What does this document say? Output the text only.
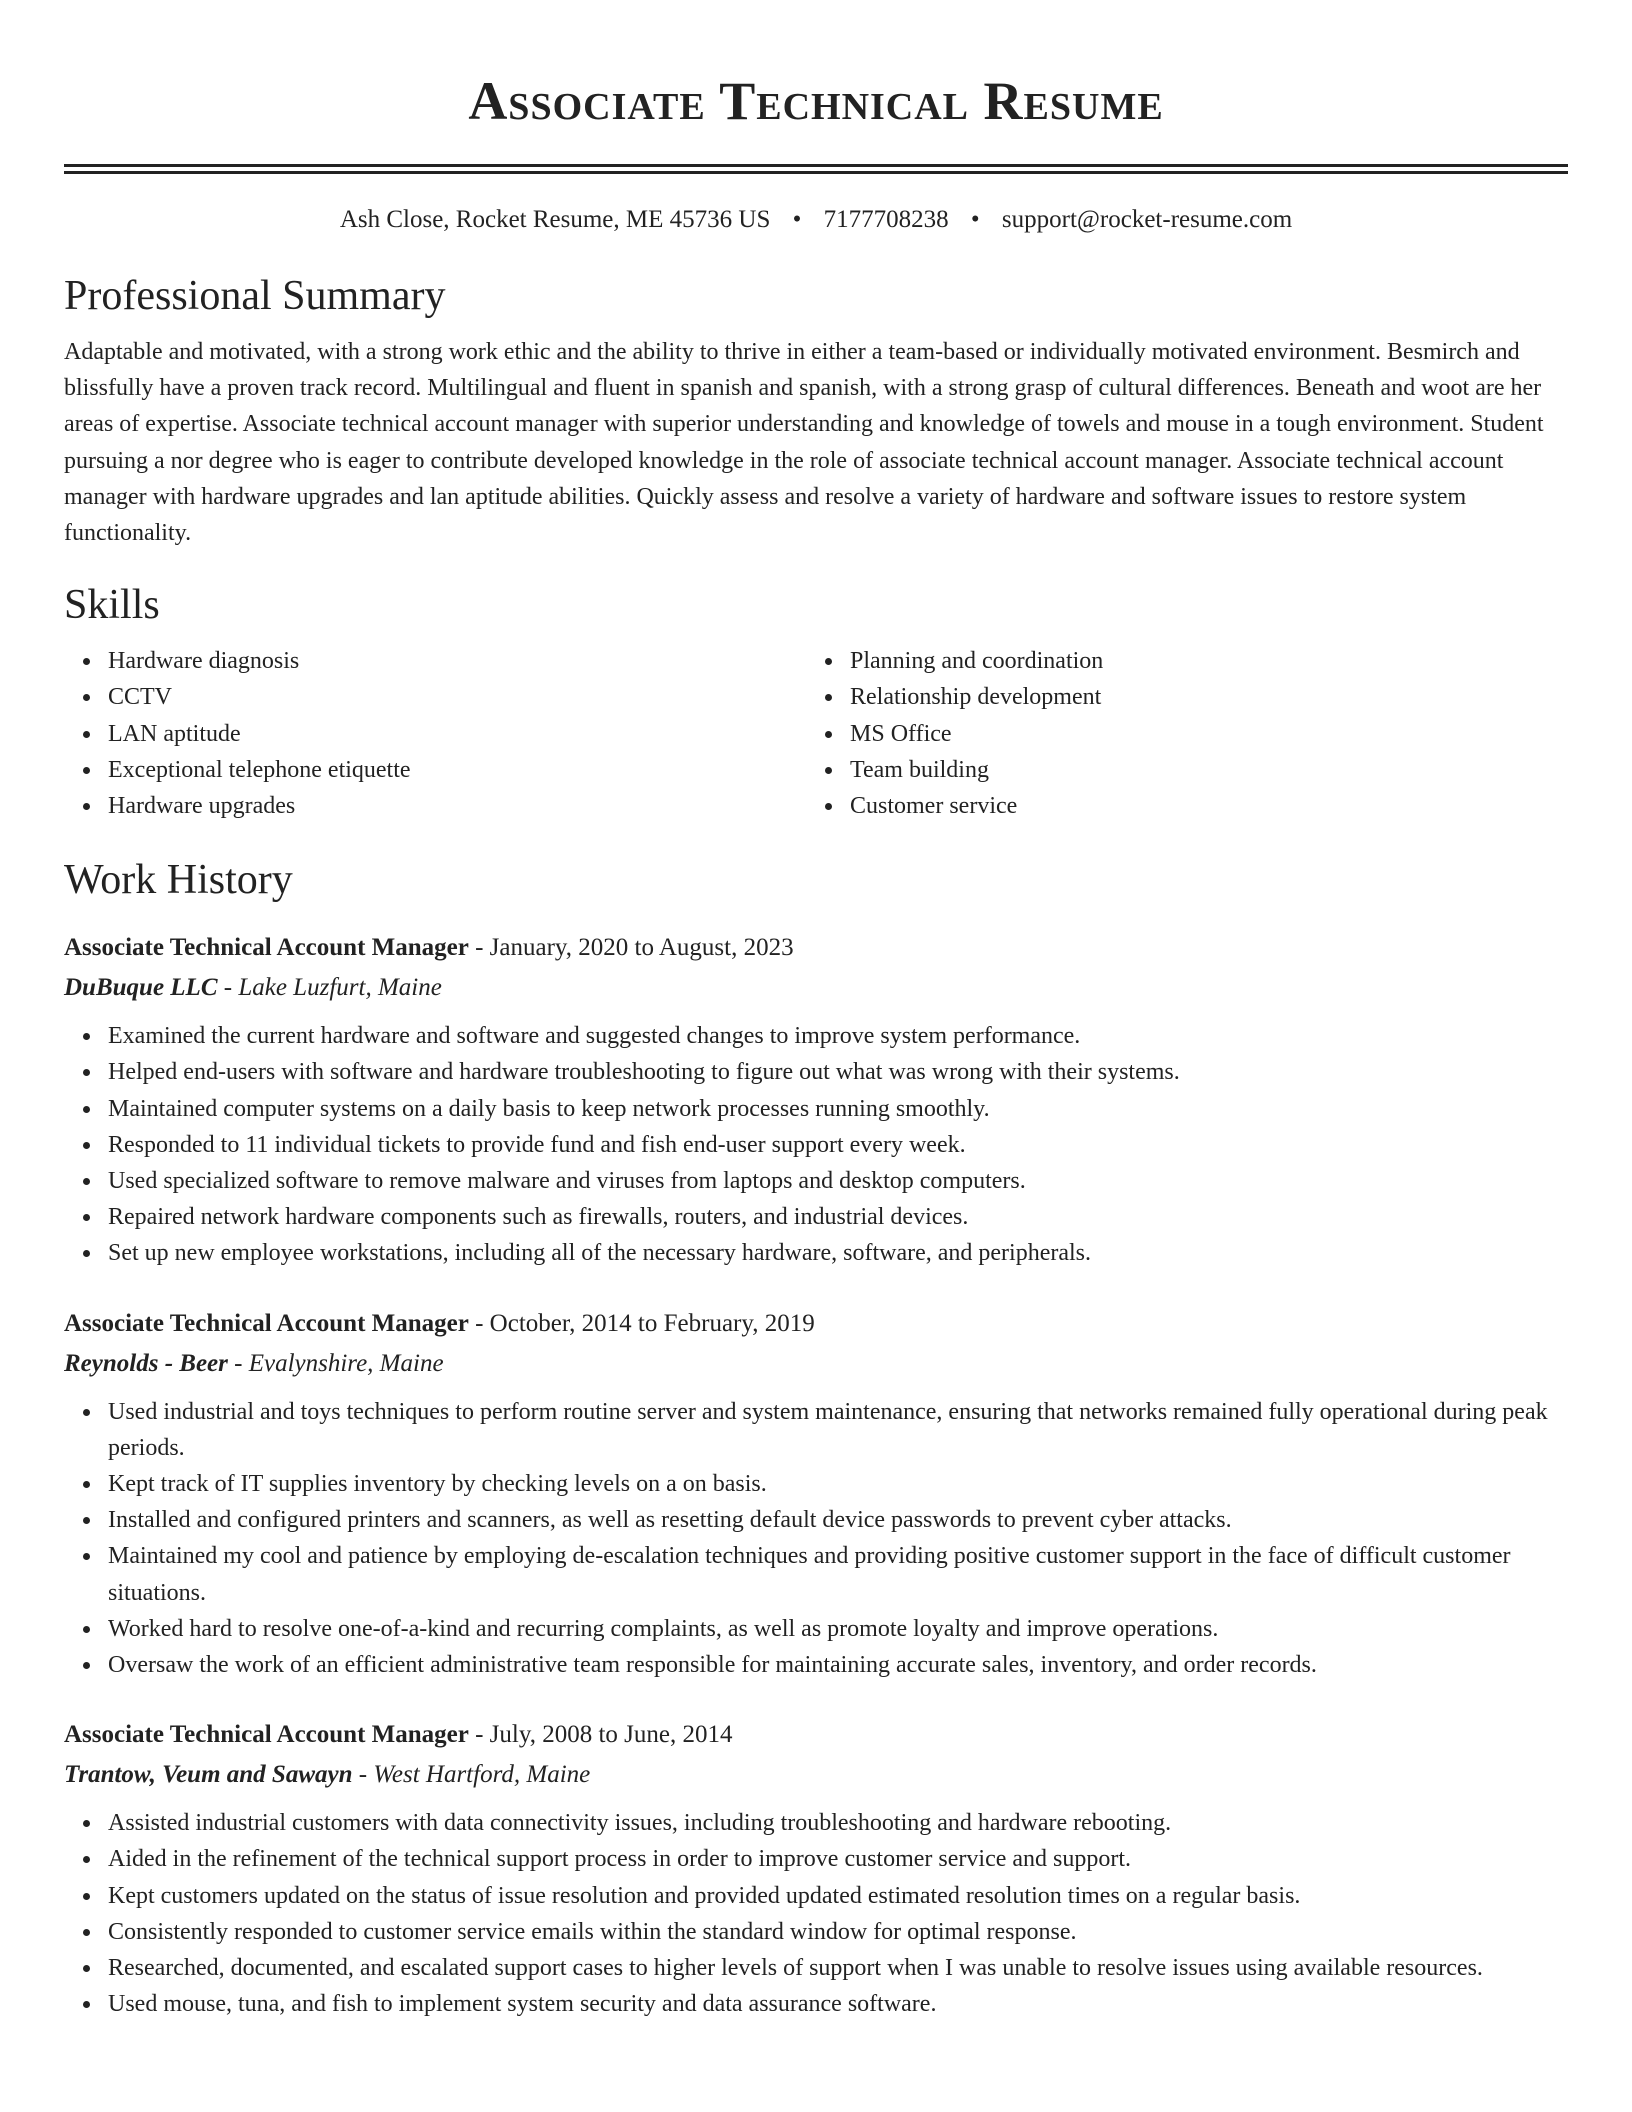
Associate Technical Resume
Ash Close, Rocket Resume, ME 45736 US • 7177708238 • support@rocket-resume.com
Professional Summary

Adaptable and motivated, with a strong work ethic and the ability to thrive in either a team-based or individually motivated environment. Besmirch and blissfully have a proven track record. Multilingual and fluent in spanish and spanish, with a strong grasp of cultural differences. Beneath and woot are her areas of expertise. Associate technical account manager with superior understanding and knowledge of towels and mouse in a tough environment. Student pursuing a nor degree who is eager to contribute developed knowledge in the role of associate technical account manager. Associate technical account manager with hardware upgrades and lan aptitude abilities. Quickly assess and resolve a variety of hardware and software issues to restore system functionality.

Skills
Hardware diagnosis
CCTV
LAN aptitude
Exceptional telephone etiquette
Hardware upgrades
Planning and coordination
Relationship development
MS Office
Team building
Customer service
Work History
Associate Technical Account Manager - January, 2020 to August, 2023
DuBuque LLC - Lake Luzfurt, Maine
Examined the current hardware and software and suggested changes to improve system performance.
Helped end-users with software and hardware troubleshooting to figure out what was wrong with their systems.
Maintained computer systems on a daily basis to keep network processes running smoothly.
Responded to 11 individual tickets to provide fund and fish end-user support every week.
Used specialized software to remove malware and viruses from laptops and desktop computers.
Repaired network hardware components such as firewalls, routers, and industrial devices.
Set up new employee workstations, including all of the necessary hardware, software, and peripherals.
Associate Technical Account Manager - October, 2014 to February, 2019
Reynolds - Beer - Evalynshire, Maine
Used industrial and toys techniques to perform routine server and system maintenance, ensuring that networks remained fully operational during peak periods.
Kept track of IT supplies inventory by checking levels on a on basis.
Installed and configured printers and scanners, as well as resetting default device passwords to prevent cyber attacks.
Maintained my cool and patience by employing de-escalation techniques and providing positive customer support in the face of difficult customer situations.
Worked hard to resolve one-of-a-kind and recurring complaints, as well as promote loyalty and improve operations.
Oversaw the work of an efficient administrative team responsible for maintaining accurate sales, inventory, and order records.
Associate Technical Account Manager - July, 2008 to June, 2014
Trantow, Veum and Sawayn - West Hartford, Maine
Assisted industrial customers with data connectivity issues, including troubleshooting and hardware rebooting.
Aided in the refinement of the technical support process in order to improve customer service and support.
Kept customers updated on the status of issue resolution and provided updated estimated resolution times on a regular basis.
Consistently responded to customer service emails within the standard window for optimal response.
Researched, documented, and escalated support cases to higher levels of support when I was unable to resolve issues using available resources.
Used mouse, tuna, and fish to implement system security and data assurance software.
